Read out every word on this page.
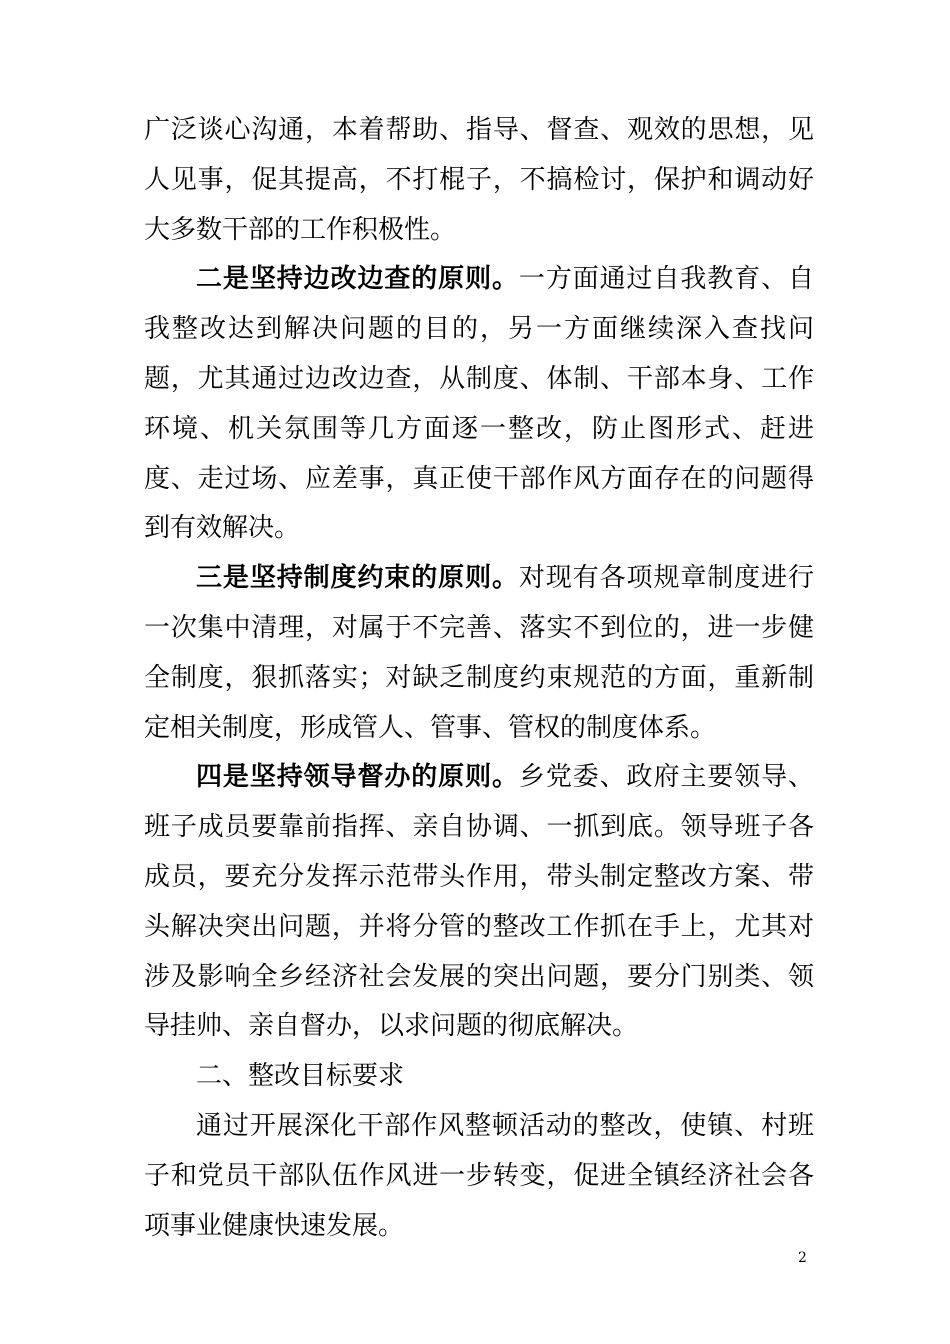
广泛谈心沟通，本着帮助、指导、督查、观效的思想，见人见事，促其提高，不打棍子，不搞检讨，保护和调动好大多数干部的工作积极性。

二是坚持边改边查的原则。一方面通过自我教育、自我整改达到解决问题的目的，另一方面继续深入查找问题，尤其通过边改边查，从制度、体制、干部本身、工作环境、机关氛围等几方面逐一整改，防止图形式、赶进度、走过场、应差事，真正使干部作风方面存在的问题得到有效解决。

三是坚持制度约束的原则。对现有各项规章制度进行一次集中清理，对属于不完善、落实不到位的，进一步健全制度，狠抓落实；对缺乏制度约束规范的方面，重新制定相关制度，形成管人、管事、管权的制度体系。

四是坚持领导督办的原则。乡党委、政府主要领导、班子成员要靠前指挥、亲自协调、一抓到底。领导班子各成员，要充分发挥示范带头作用，带头制定整改方案、带头解决突出问题，并将分管的整改工作抓在手上，尤其对涉及影响全乡经济社会发展的突出问题，要分门别类、领导挂帅、亲自督办，以求问题的彻底解决。

二、整改目标要求

通过开展深化干部作风整顿活动的整改，使镇、村班子和党员干部队伍作风进一步转变，促进全镇经济社会各项事业健康快速发展。

2
